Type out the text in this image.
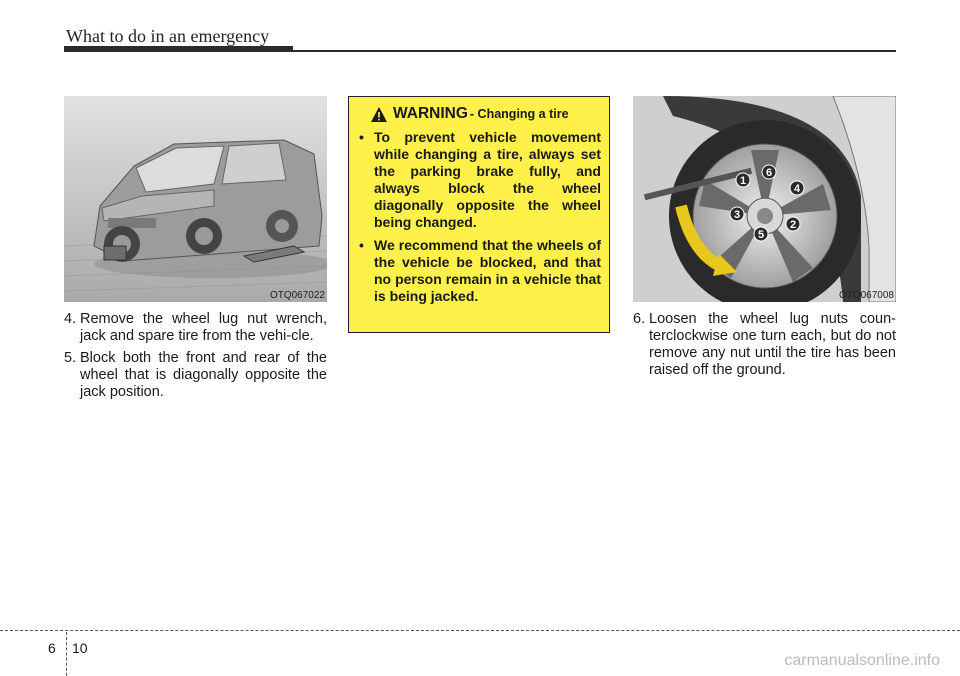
What to do in an emergency
OTQ067022
1
6
4
2
5
3
OTQ067008
4. Remove the wheel lug nut wrench, jack and spare tire from the vehi-cle.
5. Block both the front and rear of the wheel that is diagonally opposite the jack position.
WARNING - Changing a tire
• To prevent vehicle movement while changing a tire, always set the parking brake fully, and always block the wheel diagonally opposite the wheel being changed.
• We recommend that the wheels of the vehicle be blocked, and that no person remain in a vehicle that is being jacked.
6. Loosen the wheel lug nuts coun-terclockwise one turn each, but do not remove any nut until the tire has been raised off the ground.
6 10
carmanualsonline.info
